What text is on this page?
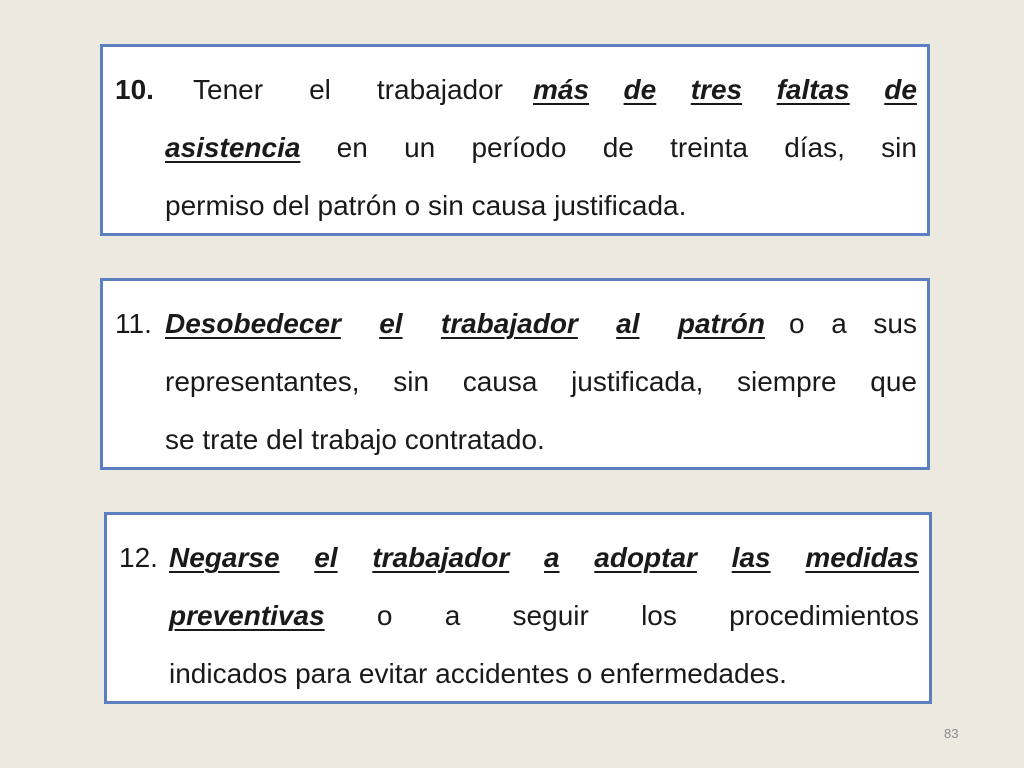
10.	Tener el trabajador más de tres faltas de
asistencia en un período de treinta días, sin
permiso del patrón o sin causa justificada.
11. Desobedecer el trabajador al patrón o a sus
representantes, sin causa justificada, siempre que
se trate del trabajo contratado.
12. Negarse el trabajador a adoptar las medidas
preventivas o a seguir los procedimientos
indicados para evitar accidentes o enfermedades.
83
